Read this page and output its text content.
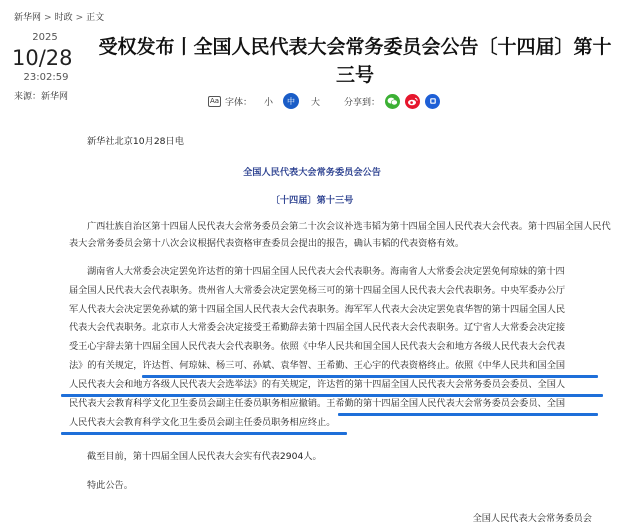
新华网 > 时政 > 正文
2025
10/28
23:02:59
来源：新华网
受权发布丨全国人民代表大会常务委员会公告〔十四届〕第十
三号
Aa 字体： 小	中	大	分享到：
新华社北京10月28日电
全国人民代表大会常务委员会公告
〔十四届〕第十三号
广西壮族自治区第十四届人民代表大会常务委员会第二十次会议补选韦韬为第十四届全国人民代表大会代表。第十四届全国人民代
表大会常务委员会第十八次会议根据代表资格审查委员会提出的报告，确认韦韬的代表资格有效。
湖南省人大常委会决定罢免许达哲的第十四届全国人民代表大会代表职务。海南省人大常委会决定罢免何琼妹的第十四
届全国人民代表大会代表职务。贵州省人大常委会决定罢免杨三可的第十四届全国人民代表大会代表职务。中央军委办公厅
军人代表大会决定罢免孙斌的第十四届全国人民代表大会代表职务。海军军人代表大会决定罢免袁华智的第十四届全国人民
代表大会代表职务。北京市人大常委会决定接受王希勤辞去第十四届全国人民代表大会代表职务。辽宁省人大常委会决定接
受王心宇辞去第十四届全国人民代表大会代表职务。依照《中华人民共和国全国人民代表大会和地方各级人民代表大会代表
法》的有关规定，许达哲、何琼妹、杨三可、孙斌、袁华智、王希勤、王心宇的代表资格终止。依照《中华人民共和国全国
人民代表大会和地方各级人民代表大会选举法》的有关规定，许达哲的第十四届全国人民代表大会常务委员会委员、全国人
民代表大会教育科学文化卫生委员会副主任委员职务相应撤销。王希勤的第十四届全国人民代表大会常务委员会委员、全国
人民代表大会教育科学文化卫生委员会副主任委员职务相应终止。
截至目前，第十四届全国人民代表大会实有代表2904人。
特此公告。
全国人民代表大会常务委员会
